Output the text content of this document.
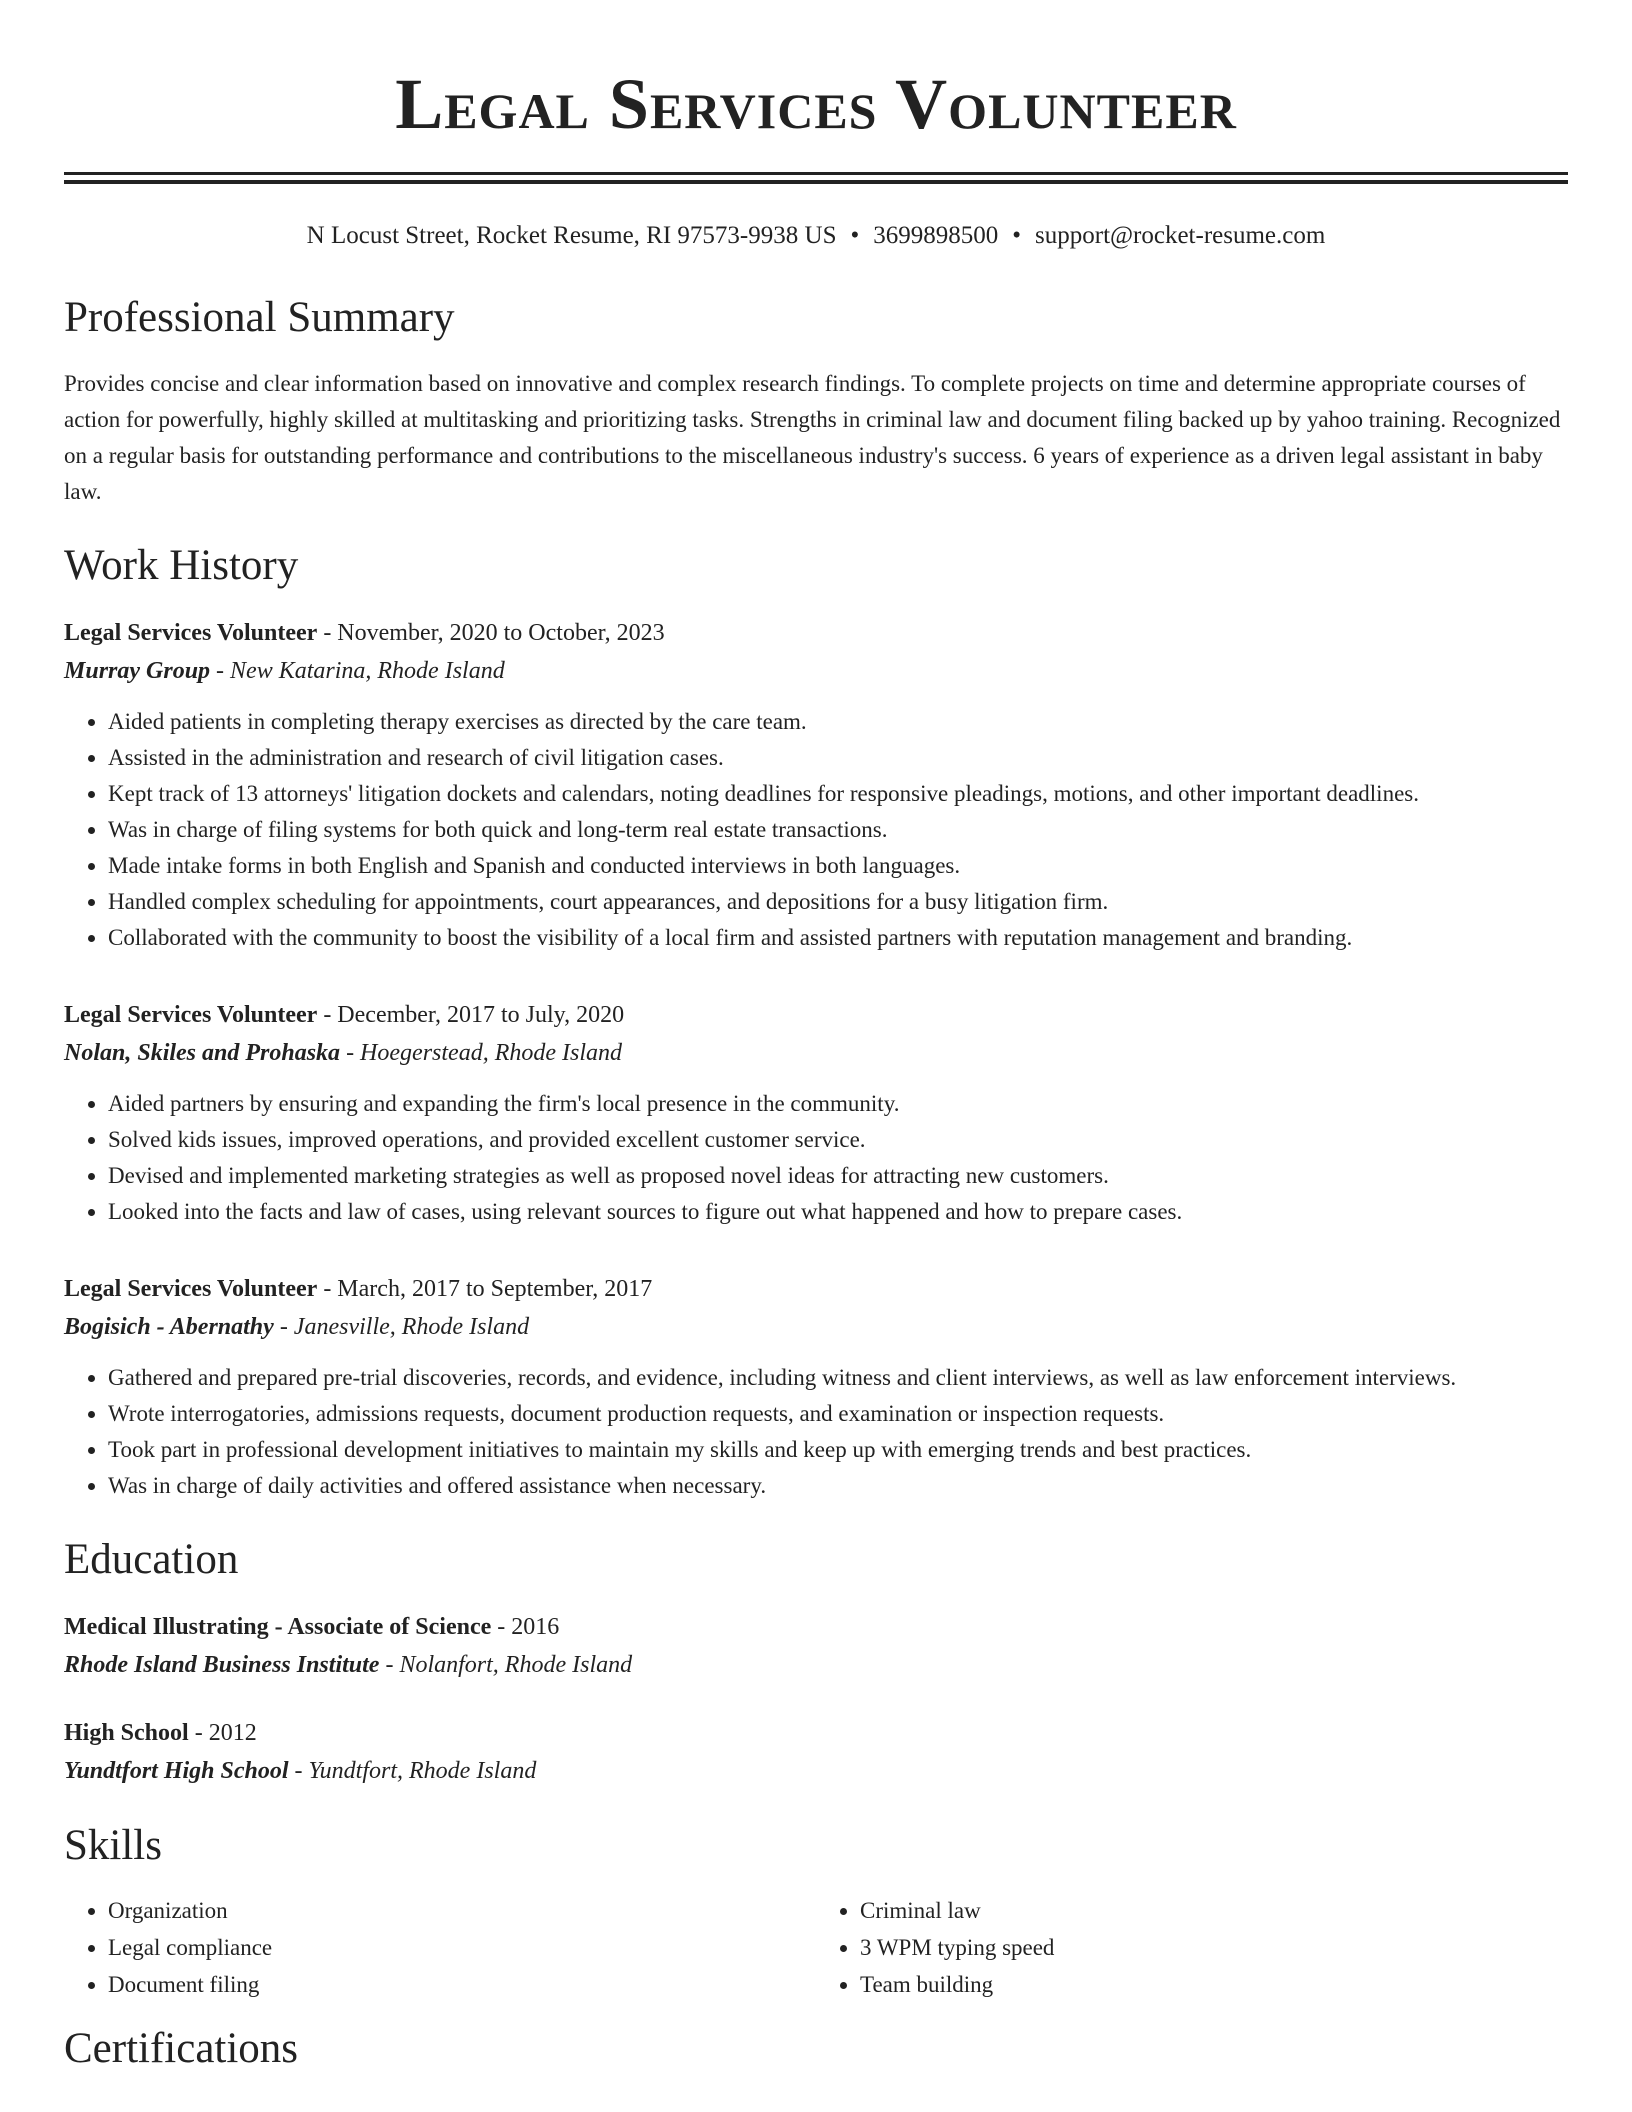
Legal Services Volunteer
N Locust Street, Rocket Resume, RI 97573-9938 US • 3699898500 • support@rocket-resume.com
Professional Summary

Provides concise and clear information based on innovative and complex research findings. To complete projects on time and determine appropriate courses of action for powerfully, highly skilled at multitasking and prioritizing tasks. Strengths in criminal law and document filing backed up by yahoo training. Recognized on a regular basis for outstanding performance and contributions to the miscellaneous industry's success. 6 years of experience as a driven legal assistant in baby law.

Work History
Legal Services Volunteer - November, 2020 to October, 2023
Murray Group - New Katarina, Rhode Island
• Aided patients in completing therapy exercises as directed by the care team.
• Assisted in the administration and research of civil litigation cases.
• Kept track of 13 attorneys' litigation dockets and calendars, noting deadlines for responsive pleadings, motions, and other important deadlines.
• Was in charge of filing systems for both quick and long-term real estate transactions.
• Made intake forms in both English and Spanish and conducted interviews in both languages.
• Handled complex scheduling for appointments, court appearances, and depositions for a busy litigation firm.
• Collaborated with the community to boost the visibility of a local firm and assisted partners with reputation management and branding.
Legal Services Volunteer - December, 2017 to July, 2020
Nolan, Skiles and Prohaska - Hoegerstead, Rhode Island
• Aided partners by ensuring and expanding the firm's local presence in the community.
• Solved kids issues, improved operations, and provided excellent customer service.
• Devised and implemented marketing strategies as well as proposed novel ideas for attracting new customers.
• Looked into the facts and law of cases, using relevant sources to figure out what happened and how to prepare cases.
Legal Services Volunteer - March, 2017 to September, 2017
Bogisich - Abernathy - Janesville, Rhode Island
• Gathered and prepared pre-trial discoveries, records, and evidence, including witness and client interviews, as well as law enforcement interviews.
• Wrote interrogatories, admissions requests, document production requests, and examination or inspection requests.
• Took part in professional development initiatives to maintain my skills and keep up with emerging trends and best practices.
• Was in charge of daily activities and offered assistance when necessary.
Education
Medical Illustrating - Associate of Science - 2016
Rhode Island Business Institute - Nolanfort, Rhode Island
High School - 2012
Yundtfort High School - Yundtfort, Rhode Island
Skills
• Organization
• Legal compliance
• Document filing
• Criminal law
• 3 WPM typing speed
• Team building
Certifications
